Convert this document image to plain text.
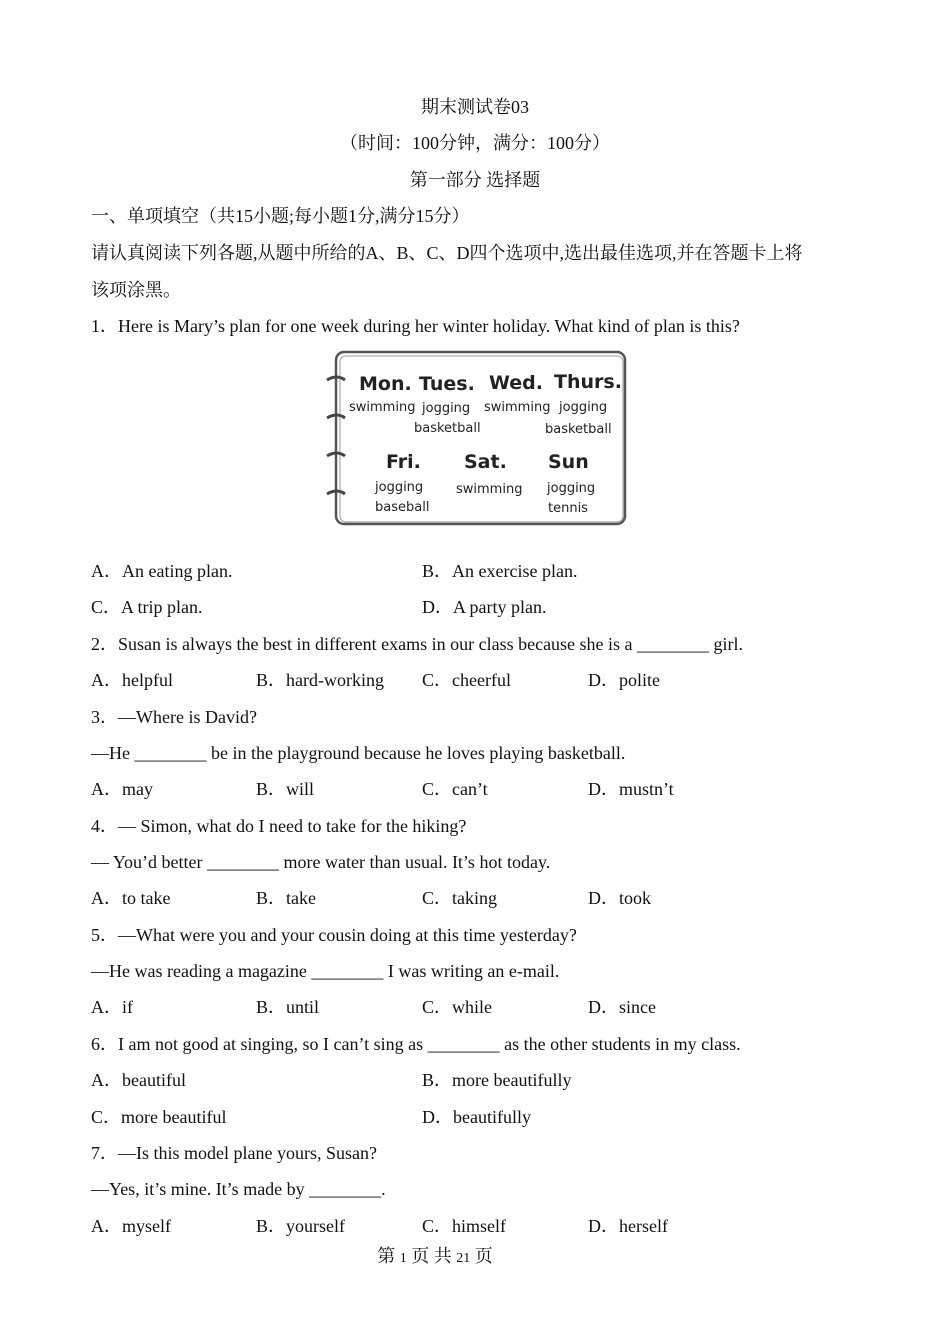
期末测试卷03
（时间：100分钟，满分：100分）
第一部分 选择题
一、单项填空（共15小题;每小题1分,满分15分）
请认真阅读下列各题,从题中所给的A、B、C、D四个选项中,选出最佳选项,并在答题卡上将
该项涂黑。
1．Here is Mary’s plan for one week during her winter holiday. What kind of plan is this?
Mon. Tues. Wed. Thurs.
swimming jogging
basketball
swimming jogging
basketball
Fri. Sat. Sun
jogging
baseball
swimming jogging
tennis
A．An eating plan.	B．An exercise plan.
C．A trip plan.	D．A party plan.
2．Susan is always the best in different exams in our class because she is a ________ girl.
A．helpful	B．hard-working C．cheerful	D．polite
3．—Where is David?
—He ________ be in the playground because he loves playing basketball.
A．may	B．will	C．can’t	D．mustn’t
4．— Simon, what do I need to take for the hiking?
— You’d better ________ more water than usual. It’s hot today.
A．to take	B．take	C．taking	D．took
5．—What were you and your cousin doing at this time yesterday?
—He was reading a magazine ________ I was writing an e-mail.
A．if	B．until	C．while	D．since
6．I am not good at singing, so I can’t sing as ________ as the other students in my class.
A．beautiful	B．more beautifully
C．more beautiful	D．beautifully
7．—Is this model plane yours, Susan?
—Yes, it’s mine. It’s made by ________.
A．myself	B．yourself	C．himself	D．herself
第 1 页 共 21 页
